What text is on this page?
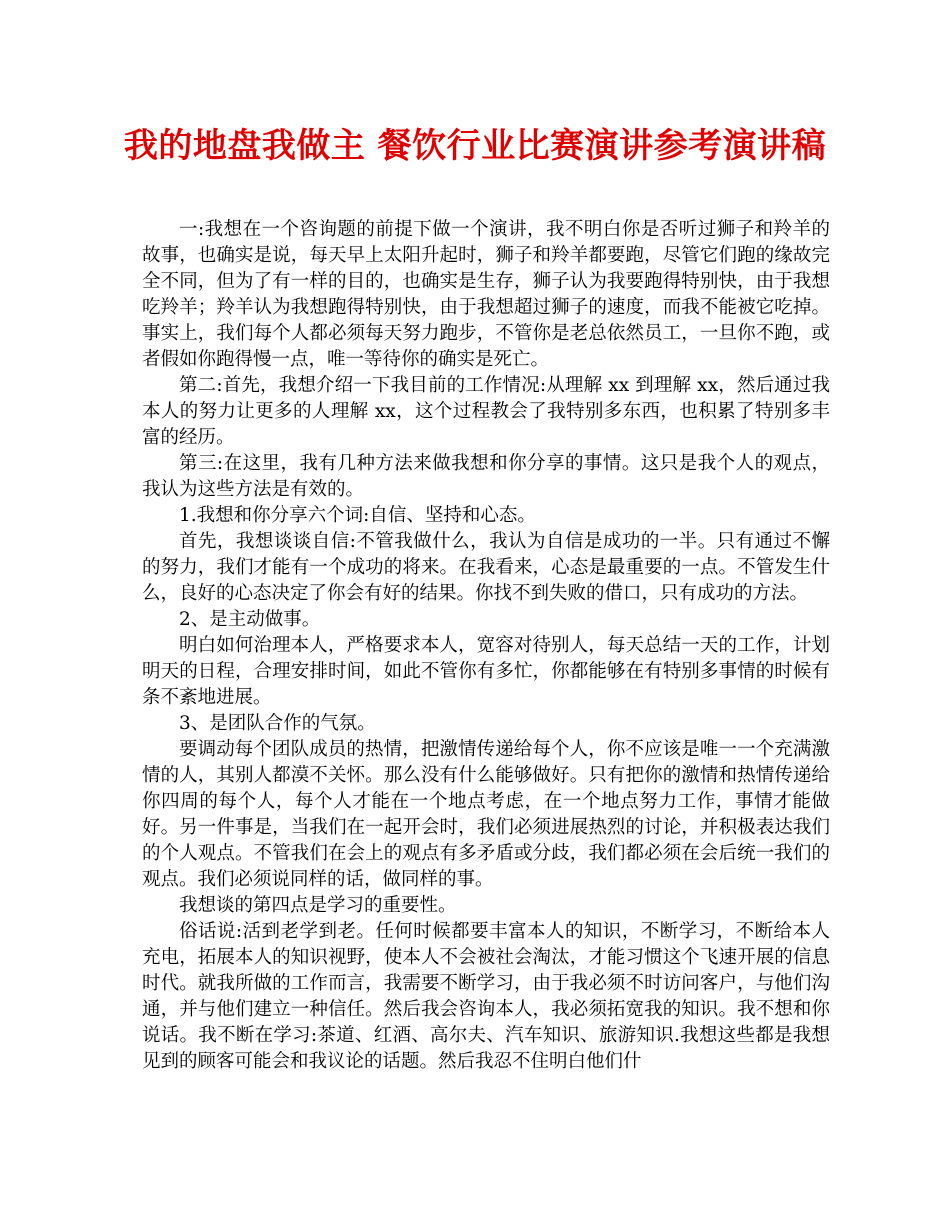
我的地盘我做主 餐饮行业比赛演讲参考演讲稿

一:我想在一个咨询题的前提下做一个演讲，我不明白你是否听过狮子和羚羊的故事，也确实是说，每天早上太阳升起时，狮子和羚羊都要跑，尽管它们跑的缘故完全不同，但为了有一样的目的，也确实是生存，狮子认为我要跑得特别快，由于我想吃羚羊；羚羊认为我想跑得特别快，由于我想超过狮子的速度，而我不能被它吃掉。事实上，我们每个人都必须每天努力跑步，不管你是老总依然员工，一旦你不跑，或者假如你跑得慢一点，唯一等待你的确实是死亡。

第二:首先，我想介绍一下我目前的工作情况:从理解 xx 到理解 xx，然后通过我本人的努力让更多的人理解 xx，这个过程教会了我特别多东西，也积累了特别多丰富的经历。

第三:在这里，我有几种方法来做我想和你分享的事情。这只是我个人的观点，我认为这些方法是有效的。

1.我想和你分享六个词:自信、坚持和心态。

首先，我想谈谈自信:不管我做什么，我认为自信是成功的一半。只有通过不懈的努力，我们才能有一个成功的将来。在我看来，心态是最重要的一点。不管发生什么，良好的心态决定了你会有好的结果。你找不到失败的借口，只有成功的方法。

2、是主动做事。

明白如何治理本人，严格要求本人，宽容对待别人，每天总结一天的工作，计划明天的日程，合理安排时间，如此不管你有多忙，你都能够在有特别多事情的时候有条不紊地进展。

3、是团队合作的气氛。

要调动每个团队成员的热情，把激情传递给每个人，你不应该是唯一一个充满激情的人，其别人都漠不关怀。那么没有什么能够做好。只有把你的激情和热情传递给你四周的每个人，每个人才能在一个地点考虑，在一个地点努力工作，事情才能做好。另一件事是，当我们在一起开会时，我们必须进展热烈的讨论，并积极表达我们的个人观点。不管我们在会上的观点有多矛盾或分歧，我们都必须在会后统一我们的观点。我们必须说同样的话，做同样的事。

我想谈的第四点是学习的重要性。

俗话说:活到老学到老。任何时候都要丰富本人的知识，不断学习，不断给本人充电，拓展本人的知识视野，使本人不会被社会淘汰，才能习惯这个飞速开展的信息时代。就我所做的工作而言，我需要不断学习，由于我必须不时访问客户，与他们沟通，并与他们建立一种信任。然后我会咨询本人，我必须拓宽我的知识。我不想和你说话。我不断在学习:茶道、红酒、高尔夫、汽车知识、旅游知识.我想这些都是我想见到的顾客可能会和我议论的话题。然后我忍不住明白他们什
